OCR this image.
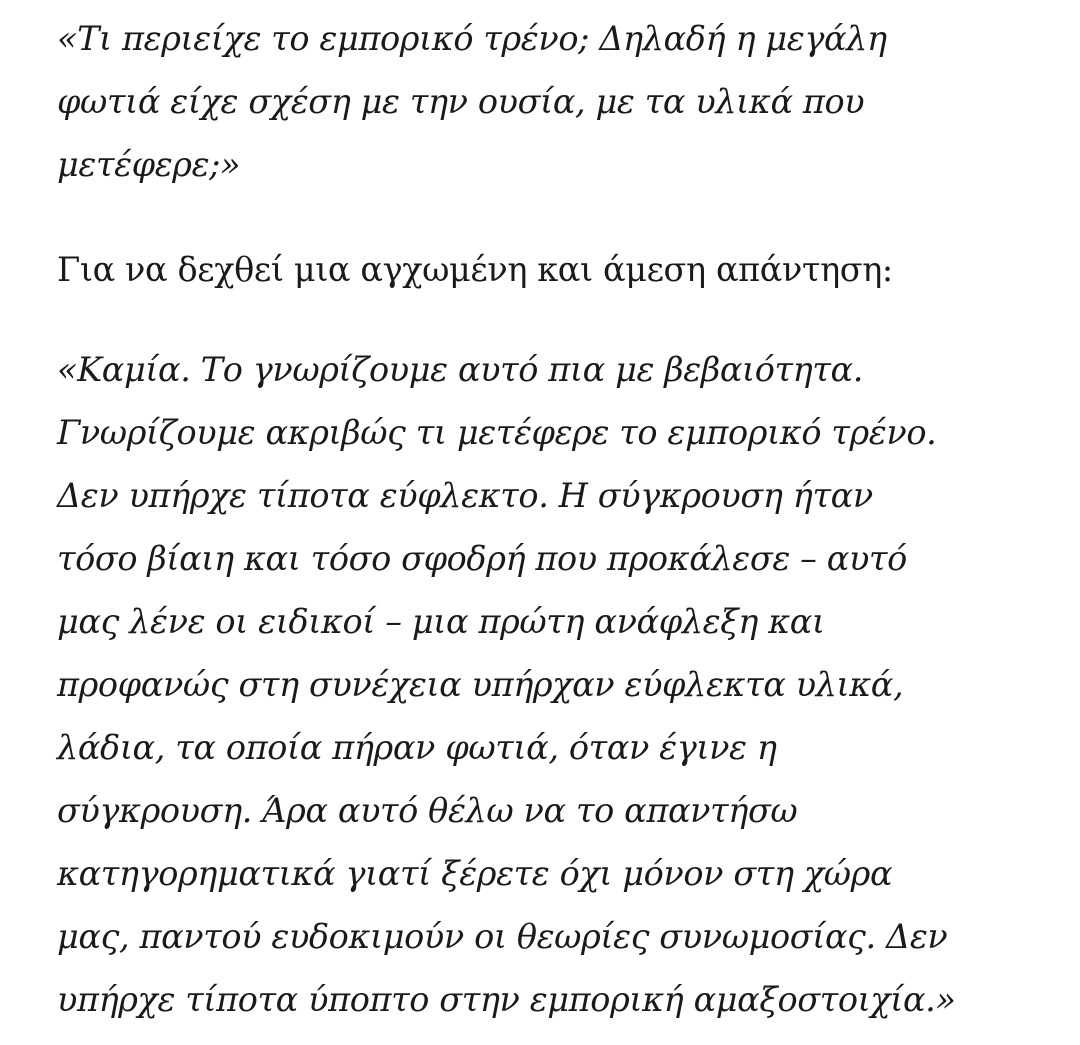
«Τι περιείχε το εμπορικό τρένο; Δηλαδή η μεγάλη
φωτιά είχε σχέση με την ουσία, με τα υλικά που
μετέφερε;»

Για να δεχθεί μια αγχωμένη και άμεση απάντηση:

«Καμία. Το γνωρίζουμε αυτό πια με βεβαιότητα.
Γνωρίζουμε ακριβώς τι μετέφερε το εμπορικό τρένο.
Δεν υπήρχε τίποτα εύφλεκτο. Η σύγκρουση ήταν
τόσο βίαιη και τόσο σφοδρή που προκάλεσε – αυτό
μας λένε οι ειδικοί – μια πρώτη ανάφλεξη και
προφανώς στη συνέχεια υπήρχαν εύφλεκτα υλικά,
λάδια, τα οποία πήραν φωτιά, όταν έγινε η
σύγκρουση. Άρα αυτό θέλω να το απαντήσω
κατηγορηματικά γιατί ξέρετε όχι μόνον στη χώρα
μας, παντού ευδοκιμούν οι θεωρίες συνωμοσίας. Δεν
υπήρχε τίποτα ύποπτο στην εμπορική αμαξοστοιχία.»
